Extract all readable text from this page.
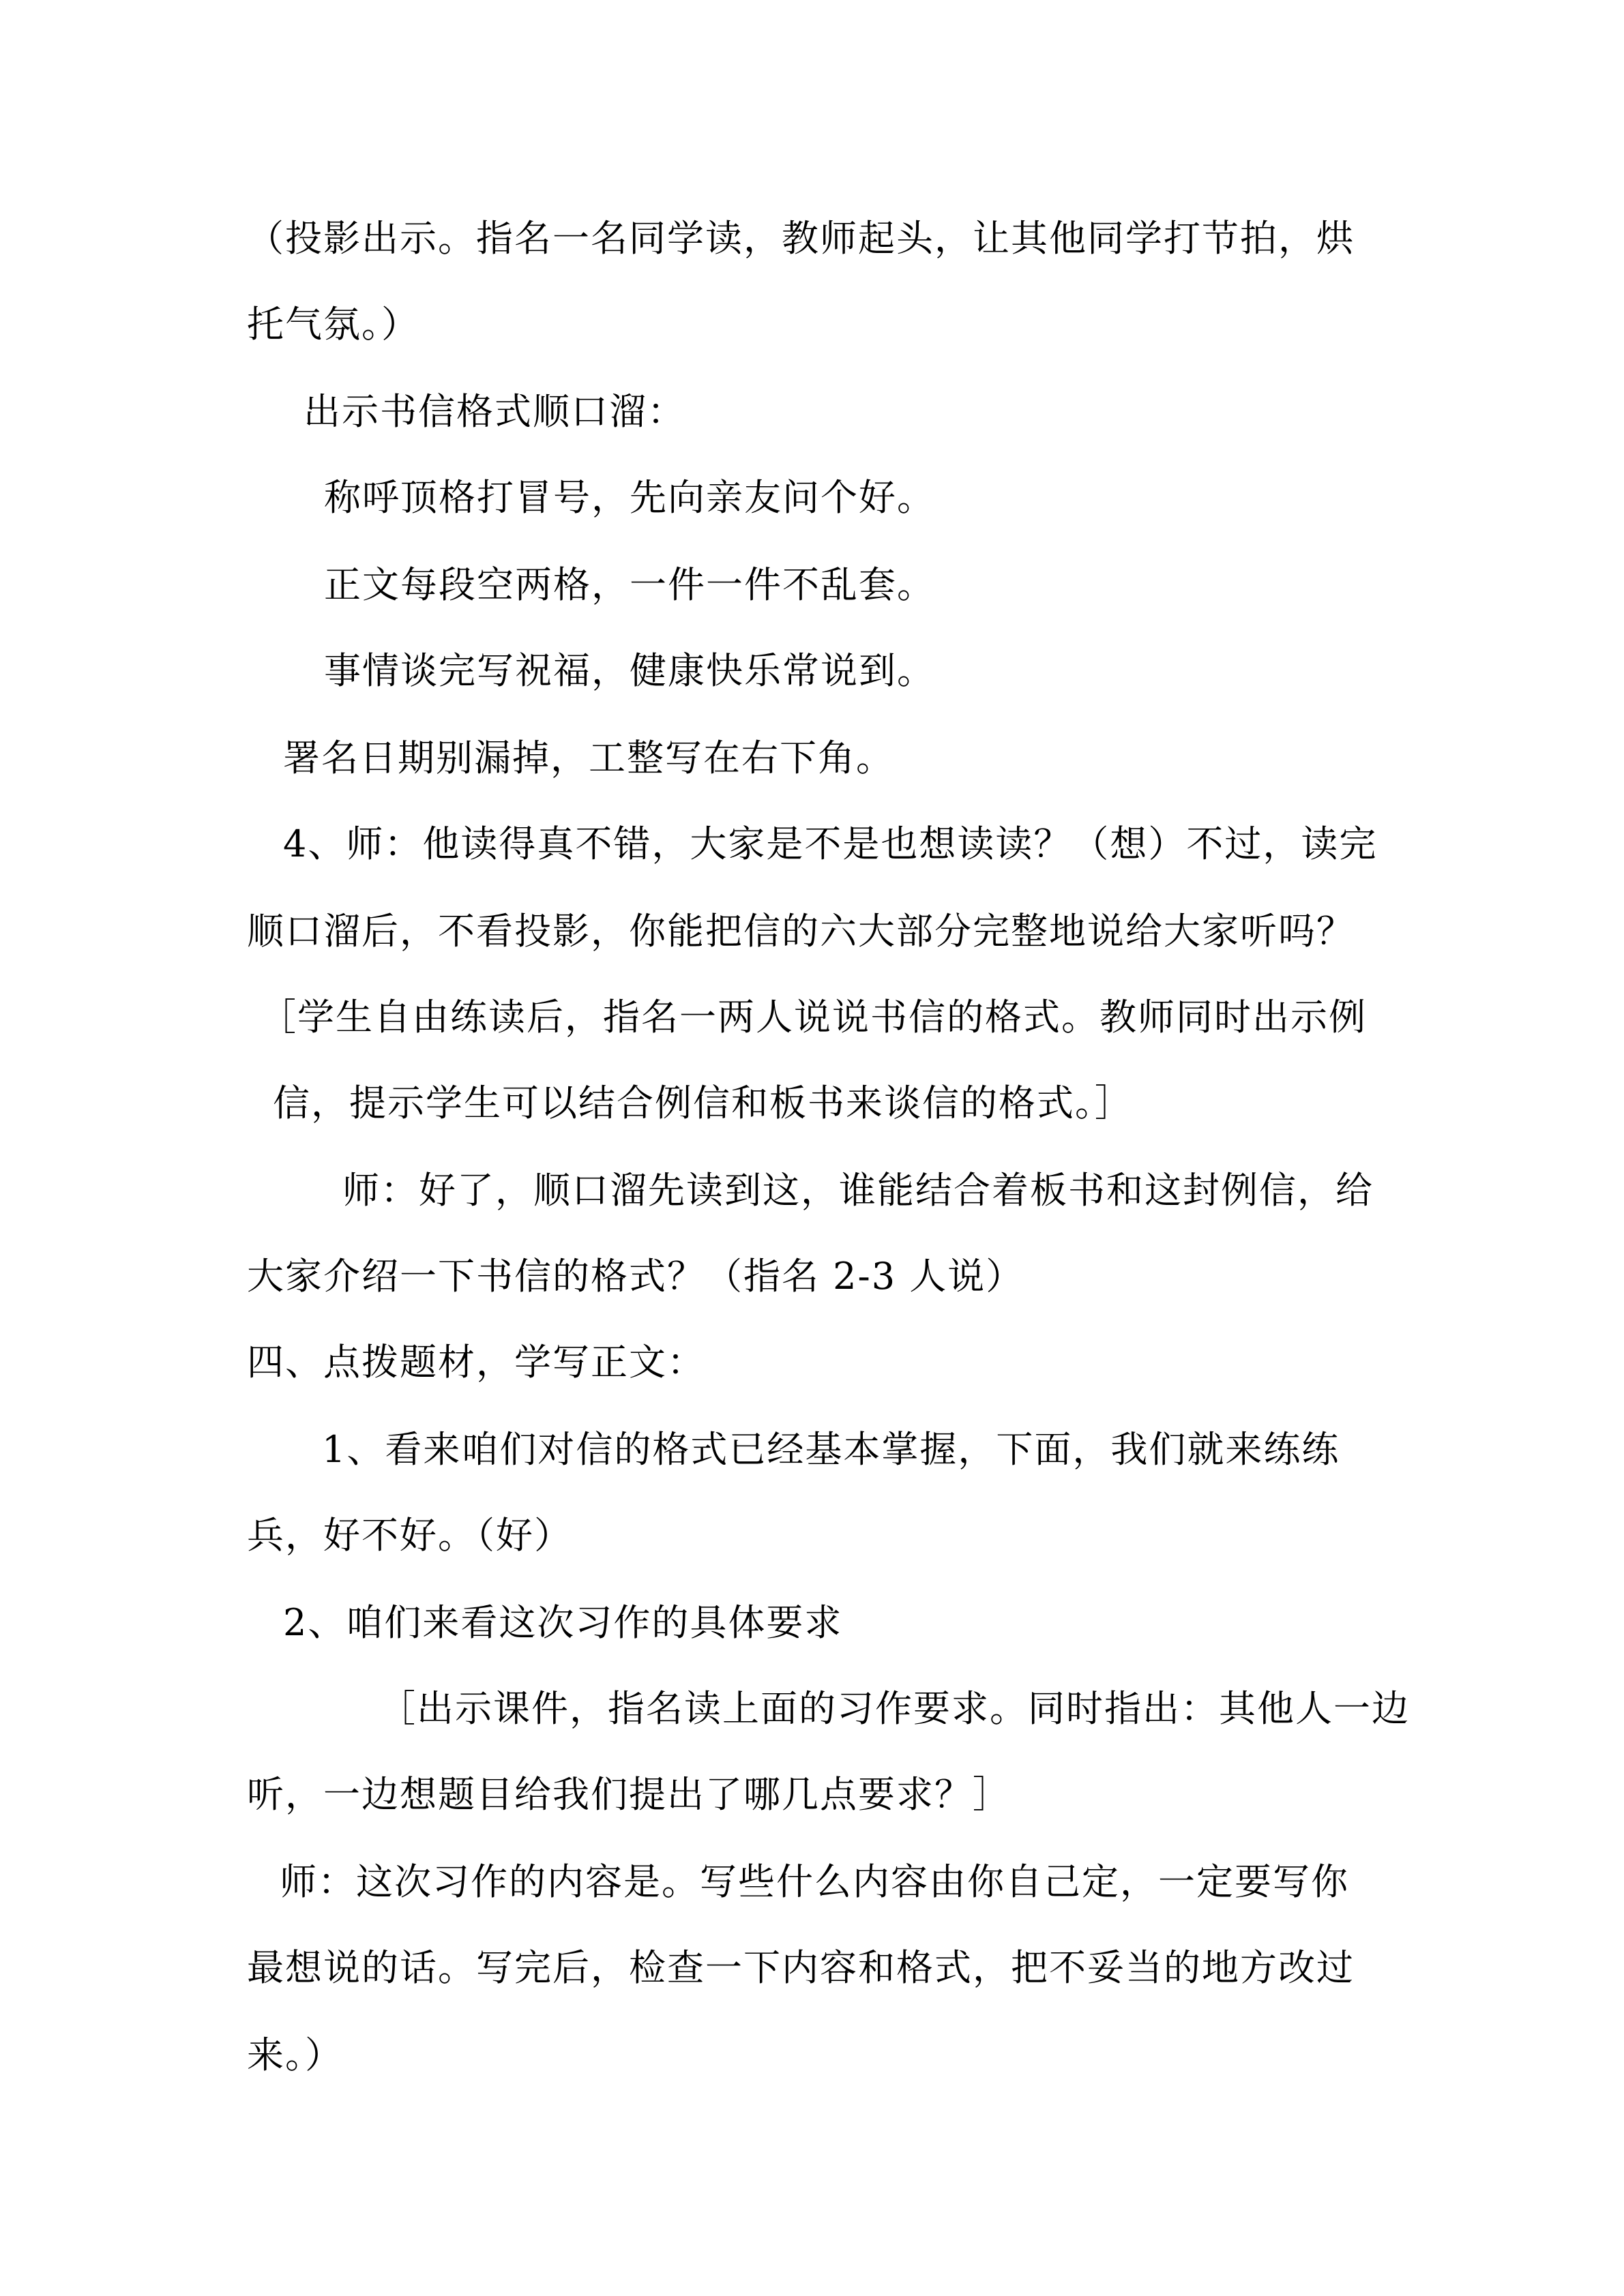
（投影出示。指名一名同学读，教师起头，让其他同学打节拍，烘
托气氛。）
出示书信格式顺口溜：
称呼顶格打冒号，先向亲友问个好。
正文每段空两格，一件一件不乱套。
事情谈完写祝福，健康快乐常说到。
署名日期别漏掉，工整写在右下角。
4、师：他读得真不错，大家是不是也想读读？（想）不过，读完
顺口溜后，不看投影，你能把信的六大部分完整地说给大家听吗？
［学生自由练读后，指名一两人说说书信的格式。教师同时出示例
信，提示学生可以结合例信和板书来谈信的格式。］
师：好了，顺口溜先读到这，谁能结合着板书和这封例信，给
大家介绍一下书信的格式？（指名 2-3 人说）
四、点拨题材，学写正文：
1、看来咱们对信的格式已经基本掌握，下面，我们就来练练
兵，好不好。（好）
2、咱们来看这次习作的具体要求
［出示课件，指名读上面的习作要求。同时指出：其他人一边
听，一边想题目给我们提出了哪几点要求？］
师：这次习作的内容是。写些什么内容由你自己定，一定要写你
最想说的话。写完后，检查一下内容和格式，把不妥当的地方改过
来。）
